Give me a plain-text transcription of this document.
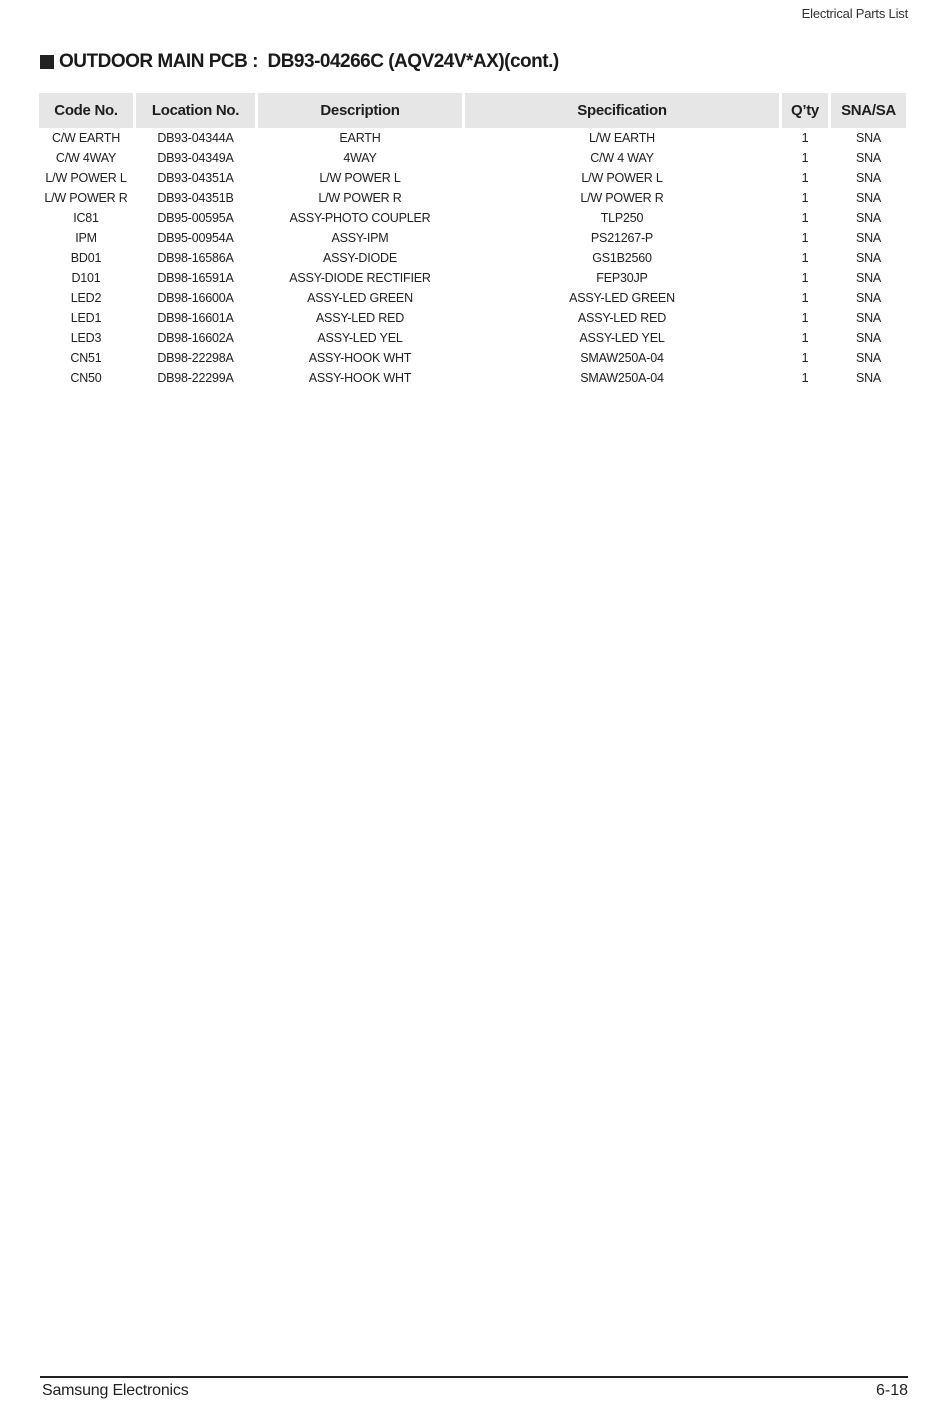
Electrical Parts List
OUTDOOR MAIN PCB :  DB93-04266C (AQV24V*AX)(cont.)
Code No.	Location No.	Description	Specification	Q’ty	SNA/SA
C/W EARTH	DB93-04344A	EARTH	L/W EARTH	1	SNA
C/W 4WAY	DB93-04349A	4WAY	C/W 4 WAY	1	SNA
L/W POWER L	DB93-04351A	L/W POWER L	L/W POWER L	1	SNA
L/W POWER R	DB93-04351B	L/W POWER R	L/W POWER R	1	SNA
IC81	DB95-00595A	ASSY-PHOTO COUPLER	TLP250	1	SNA
IPM	DB95-00954A	ASSY-IPM	PS21267-P	1	SNA
BD01	DB98-16586A	ASSY-DIODE	GS1B2560	1	SNA
D101	DB98-16591A	ASSY-DIODE RECTIFIER	FEP30JP	1	SNA
LED2	DB98-16600A	ASSY-LED GREEN	ASSY-LED GREEN	1	SNA
LED1	DB98-16601A	ASSY-LED RED	ASSY-LED RED	1	SNA
LED3	DB98-16602A	ASSY-LED YEL	ASSY-LED YEL	1	SNA
CN51	DB98-22298A	ASSY-HOOK WHT	SMAW250A-04	1	SNA
CN50	DB98-22299A	ASSY-HOOK WHT	SMAW250A-04	1	SNA
Samsung Electronics	6-18
